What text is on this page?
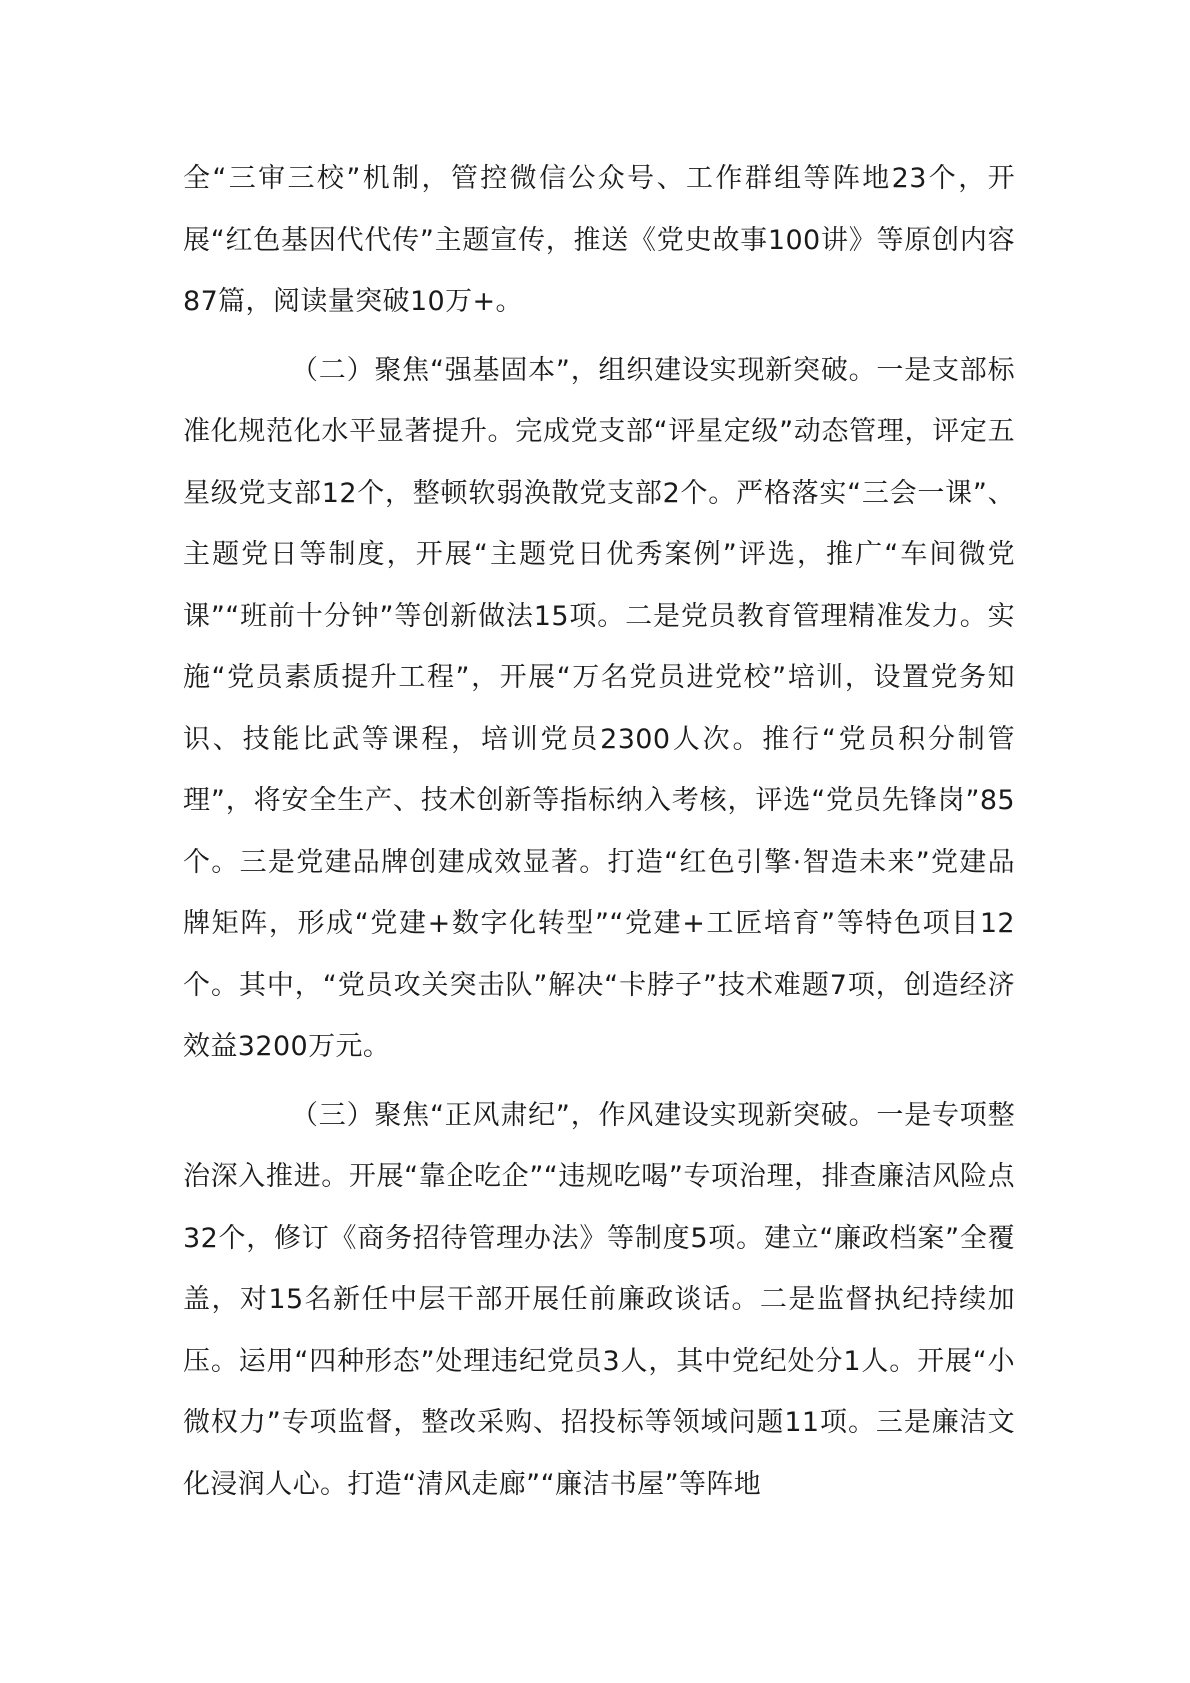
全“三审三校”机制，管控微信公众号、工作群组等阵地23个，开展“红色基因代代传”主题宣传，推送《党史故事100讲》等原创内容87篇，阅读量突破10万+。

（二）聚焦“强基固本”，组织建设实现新突破。一是支部标准化规范化水平显著提升。完成党支部“评星定级”动态管理，评定五星级党支部12个，整顿软弱涣散党支部2个。严格落实“三会一课”、主题党日等制度，开展“主题党日优秀案例”评选，推广“车间微党课”“班前十分钟”等创新做法15项。二是党员教育管理精准发力。实施“党员素质提升工程”，开展“万名党员进党校”培训，设置党务知识、技能比武等课程，培训党员2300人次。推行“党员积分制管理”，将安全生产、技术创新等指标纳入考核，评选“党员先锋岗”85个。三是党建品牌创建成效显著。打造“红色引擎·智造未来”党建品牌矩阵，形成“党建+数字化转型”“党建+工匠培育”等特色项目12个。其中，“党员攻关突击队”解决“卡脖子”技术难题7项，创造经济效益3200万元。

（三）聚焦“正风肃纪”，作风建设实现新突破。一是专项整治深入推进。开展“靠企吃企”“违规吃喝”专项治理，排查廉洁风险点32个，修订《商务招待管理办法》等制度5项。建立“廉政档案”全覆盖，对15名新任中层干部开展任前廉政谈话。二是监督执纪持续加压。运用“四种形态”处理违纪党员3人，其中党纪处分1人。开展“小微权力”专项监督，整改采购、招投标等领域问题11项。三是廉洁文化浸润人心。打造“清风走廊”“廉洁书屋”等阵地
